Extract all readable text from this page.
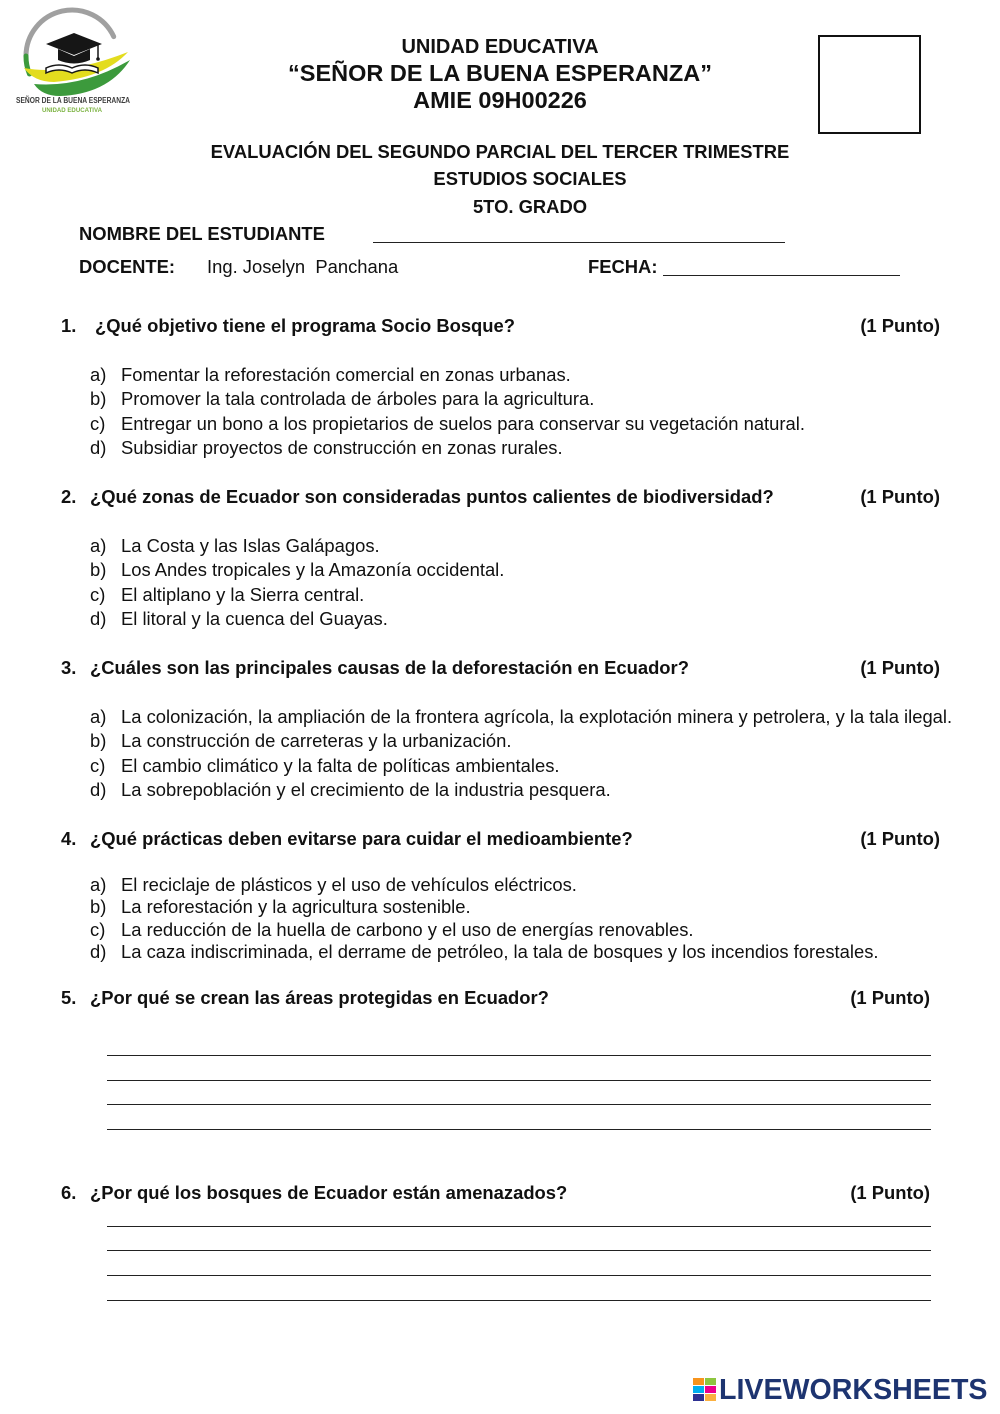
SEÑOR DE LA BUENA ESPERANZA
UNIDAD EDUCATIVA
UNIDAD EDUCATIVA
“SEÑOR DE LA BUENA ESPERANZA”
AMIE 09H00226
EVALUACIÓN DEL SEGUNDO PARCIAL DEL TERCER TRIMESTRE
ESTUDIOS SOCIALES
5TO. GRADO
NOMBRE DEL ESTUDIANTE
DOCENTE: Ing. Joselyn  Panchana	FECHA:
1. ¿Qué objetivo tiene el programa Socio Bosque?	(1 Punto)
a) Fomentar la reforestación comercial en zonas urbanas.
b) Promover la tala controlada de árboles para la agricultura.
c) Entregar un bono a los propietarios de suelos para conservar su vegetación natural.
d) Subsidiar proyectos de construcción en zonas rurales.
2. ¿Qué zonas de Ecuador son consideradas puntos calientes de biodiversidad?	(1 Punto)
a) La Costa y las Islas Galápagos.
b) Los Andes tropicales y la Amazonía occidental.
c) El altiplano y la Sierra central.
d) El litoral y la cuenca del Guayas.
3. ¿Cuáles son las principales causas de la deforestación en Ecuador?	(1 Punto)
a) La colonización, la ampliación de la frontera agrícola, la explotación minera y petrolera, y la tala ilegal.
b) La construcción de carreteras y la urbanización.
c) El cambio climático y la falta de políticas ambientales.
d) La sobrepoblación y el crecimiento de la industria pesquera.
4. ¿Qué prácticas deben evitarse para cuidar el medioambiente?	(1 Punto)
a) El reciclaje de plásticos y el uso de vehículos eléctricos.
b) La reforestación y la agricultura sostenible.
c) La reducción de la huella de carbono y el uso de energías renovables.
d) La caza indiscriminada, el derrame de petróleo, la tala de bosques y los incendios forestales.
5. ¿Por qué se crean las áreas protegidas en Ecuador?	(1 Punto)
6. ¿Por qué los bosques de Ecuador están amenazados?	(1 Punto)
LIVEWORKSHEETS
